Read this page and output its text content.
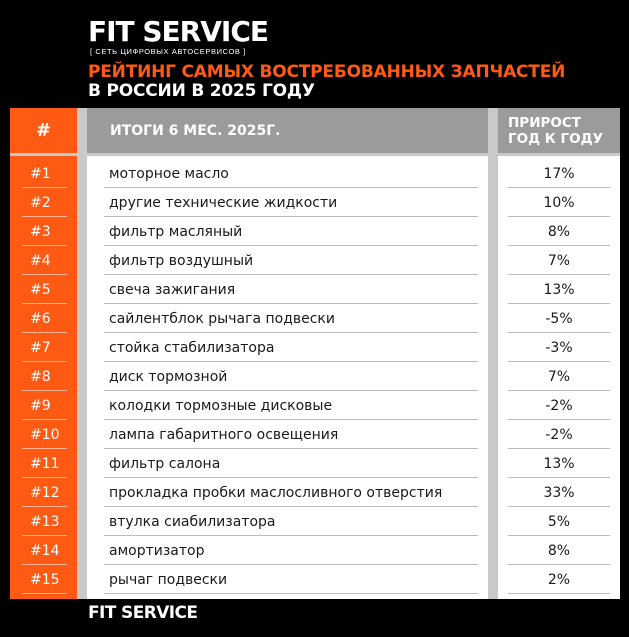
FIT SERVICE
[ СЕТЬ ЦИФРОВЫХ АВТОСЕРВИСОВ ]
РЕЙТИНГ САМЫХ ВОСТРЕБОВАННЫХ ЗАПЧАСТЕЙ
В РОССИИ В 2025 ГОДУ
#	ИТОГИ 6 МЕС. 2025Г.	ПРИРОСТ
ГОД К ГОДУ
#1	моторное масло	17%
#2	другие технические жидкости	10%
#3	фильтр масляный	8%
#4	фильтр воздушный	7%
#5	свеча зажигания	13%
#6	сайлентблок рычага подвески	-5%
#7	стойка стабилизатора	-3%
#8	диск тормозной	7%
#9	колодки тормозные дисковые	-2%
#10	лампа габаритного освещения	-2%
#11	фильтр салона	13%
#12	прокладка пробки маслосливного отверстия	33%
#13	втулка сиабилизатора	5%
#14	амортизатор	8%
#15	рычаг подвески	2%
FIT SERVICE
